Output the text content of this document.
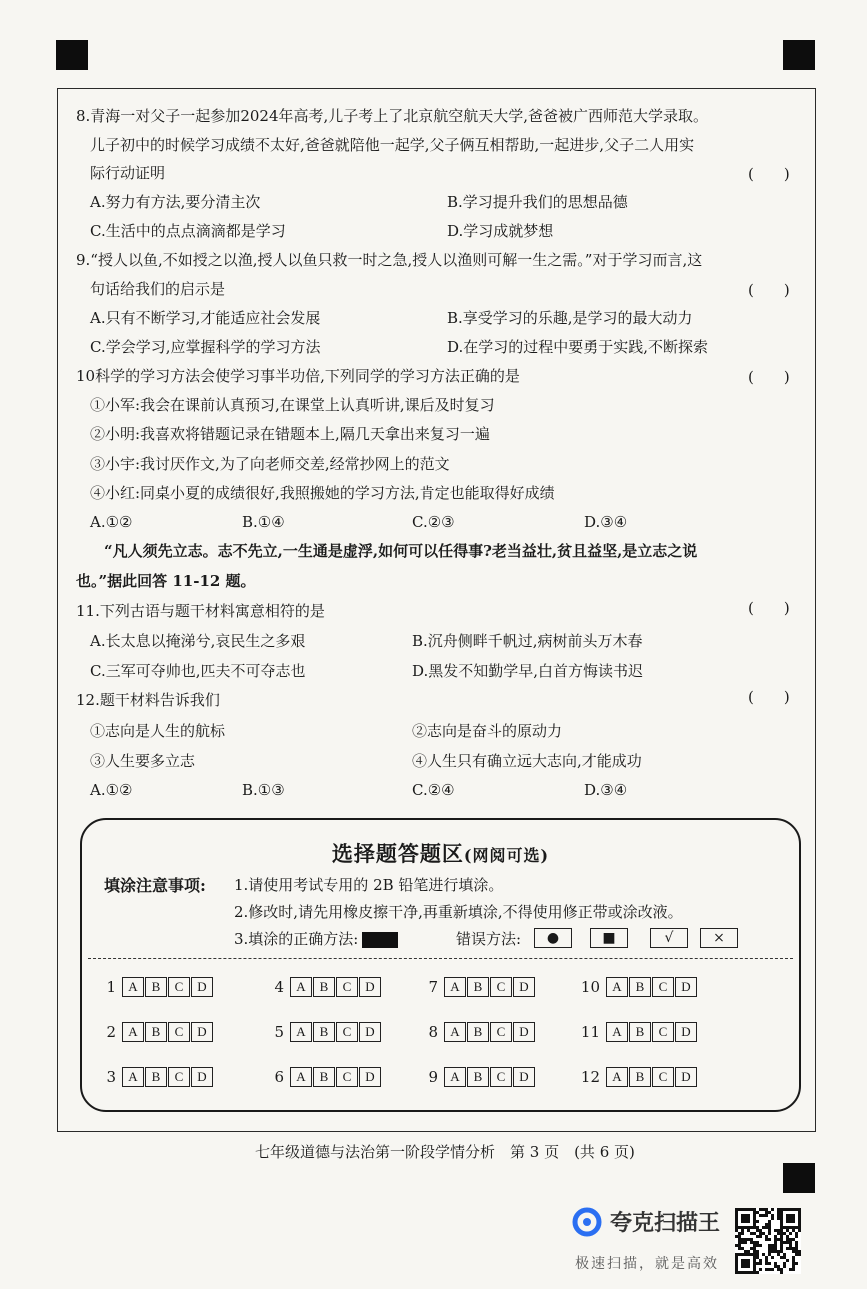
8.青海一对父子一起参加2024年高考,儿子考上了北京航空航天大学,爸爸被广西师范大学录取。
儿子初中的时候学习成绩不太好,爸爸就陪他一起学,父子俩互相帮助,一起进步,父子二人用实
际行动证明	(　　)
A.努力有方法,要分清主次	B.学习提升我们的思想品德
C.生活中的点点滴滴都是学习	D.学习成就梦想
9.“授人以鱼,不如授之以渔,授人以鱼只救一时之急,授人以渔则可解一生之需。”对于学习而言,这
句话给我们的启示是	(　　)
A.只有不断学习,才能适应社会发展	B.享受学习的乐趣,是学习的最大动力
C.学会学习,应掌握科学的学习方法	D.在学习的过程中要勇于实践,不断探索
10科学的学习方法会使学习事半功倍,下列同学的学习方法正确的是	(　　)
①小军:我会在课前认真预习,在课堂上认真听讲,课后及时复习
②小明:我喜欢将错题记录在错题本上,隔几天拿出来复习一遍
③小宇:我讨厌作文,为了向老师交差,经常抄网上的范文
④小红:同桌小夏的成绩很好,我照搬她的学习方法,肯定也能取得好成绩
A.①②	B.①④	C.②③	D.③④
“凡人须先立志。志不先立,一生通是虚浮,如何可以任得事?老当益壮,贫且益坚,是立志之说
也。”据此回答 11-12 题。
11.下列古语与题干材料寓意相符的是	(　　)
A.长太息以掩涕兮,哀民生之多艰	B.沉舟侧畔千帆过,病树前头万木春
C.三军可夺帅也,匹夫不可夺志也	D.黑发不知勤学早,白首方悔读书迟
12.题干材料告诉我们	(　　)
①志向是人生的航标	②志向是奋斗的原动力
③人生要多立志	④人生只有确立远大志向,才能成功
A.①②	B.①③	C.②④	D.③④
选择题答题区(网阅可选)
填涂注意事项: 1.请使用考试专用的 2B 铅笔进行填涂。
2.修改时,请先用橡皮擦干净,再重新填涂,不得使用修正带或涂改液。
3.填涂的正确方法:	错误方法:	●	■	√	×
1 A	B	C	D	4 A	B	C	D	7 A	B	C	D	10 A	B	C	D
2 A	B	C	D	5 A	B	C	D	8 A	B	C	D	11 A	B	C	D
3 A	B	C	D	6 A	B	C	D	9 A	B	C	D	12 A	B	C	D
七年级道德与法治第一阶段学情分析　第 3 页　(共 6 页)
夸克扫描王
极速扫描，就是高效
